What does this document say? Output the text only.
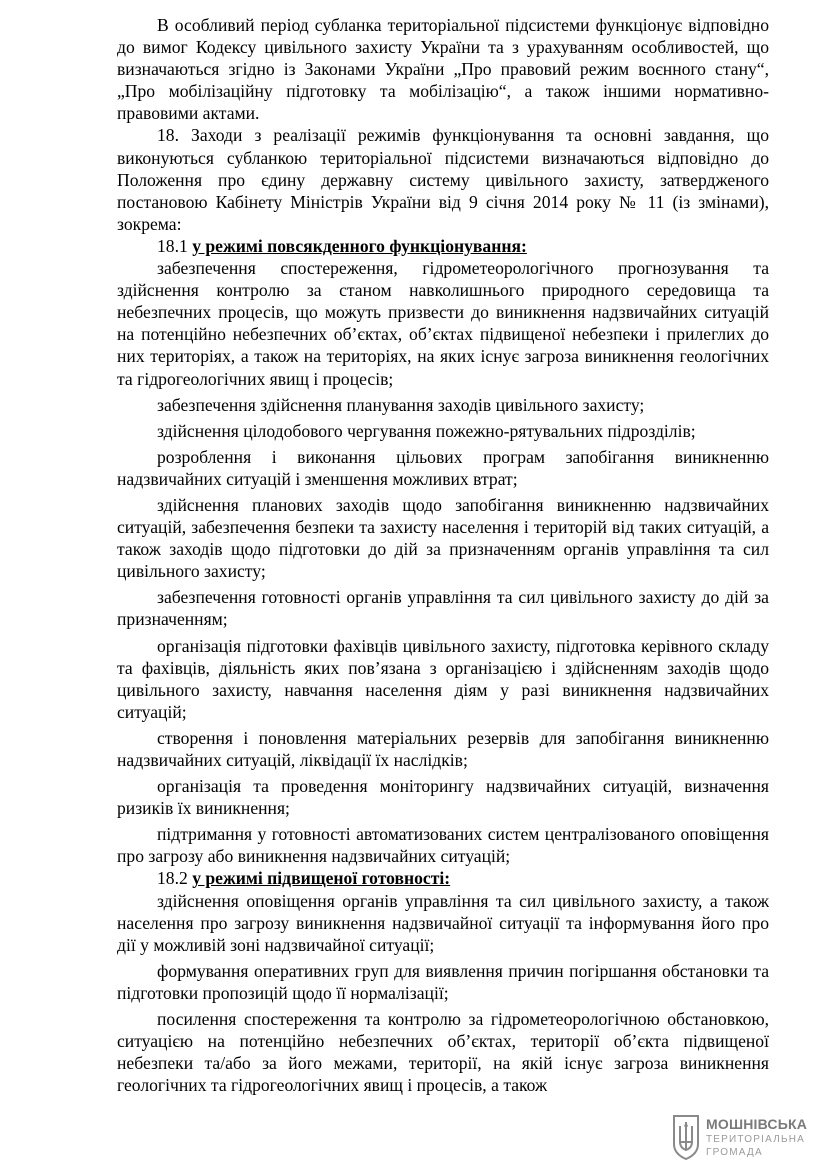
В особливий період субланка територіальної підсистеми функціонує відповідно до вимог Кодексу цивільного захисту України та з урахуванням особливостей, що визначаються згідно із Законами України „Про правовий режим воєнного стану“, „Про мобілізаційну підготовку та мобілізацію“, а також іншими нормативно-правовими актами.

18. Заходи з реалізації режимів функціонування та основні завдання, що виконуються субланкою територіальної підсистеми визначаються відповідно до Положення про єдину державну систему цивільного захисту, затвердженого постановою Кабінету Міністрів України від 9 січня 2014 року № 11 (із змінами), зокрема:

18.1 у режимі повсякденного функціонування:

забезпечення спостереження, гідрометеорологічного прогнозування та здійснення контролю за станом навколишнього природного середовища та небезпечних процесів, що можуть призвести до виникнення надзвичайних ситуацій на потенційно небезпечних об’єктах, об’єктах підвищеної небезпеки і прилеглих до них територіях, а також на територіях, на яких існує загроза виникнення геологічних та гідрогеологічних явищ і процесів;

забезпечення здійснення планування заходів цивільного захисту;

здійснення цілодобового чергування пожежно-рятувальних підрозділів;

розроблення і виконання цільових програм запобігання виникненню надзвичайних ситуацій і зменшення можливих втрат;

здійснення планових заходів щодо запобігання виникненню надзвичайних ситуацій, забезпечення безпеки та захисту населення і територій від таких ситуацій, а також заходів щодо підготовки до дій за призначенням органів управління та сил цивільного захисту;

забезпечення готовності органів управління та сил цивільного захисту до дій за призначенням;

організація підготовки фахівців цивільного захисту, підготовка керівного складу та фахівців, діяльність яких пов’язана з організацією і здійсненням заходів щодо цивільного захисту, навчання населення діям у разі виникнення надзвичайних ситуацій;

створення і поновлення матеріальних резервів для запобігання виникненню надзвичайних ситуацій, ліквідації їх наслідків;

організація та проведення моніторингу надзвичайних ситуацій, визначення ризиків їх виникнення;

підтримання у готовності автоматизованих систем централізованого оповіщення про загрозу або виникнення надзвичайних ситуацій;

18.2 у режимі підвищеної готовності:

здійснення оповіщення органів управління та сил цивільного захисту, а також населення про загрозу виникнення надзвичайної ситуації та інформування його про дії у можливій зоні надзвичайної ситуації;

формування оперативних груп для виявлення причин погіршання обстановки та підготовки пропозицій щодо її нормалізації;

посилення спостереження та контролю за гідрометеорологічною обстановкою, ситуацією на потенційно небезпечних об’єктах, території об’єкта підвищеної небезпеки та/або за його межами, території, на якій існує загроза виникнення геологічних та гідрогеологічних явищ і процесів, а також

МОШНІВСЬКА
ТЕРИТОРІАЛЬНА
ГРОМАДА
